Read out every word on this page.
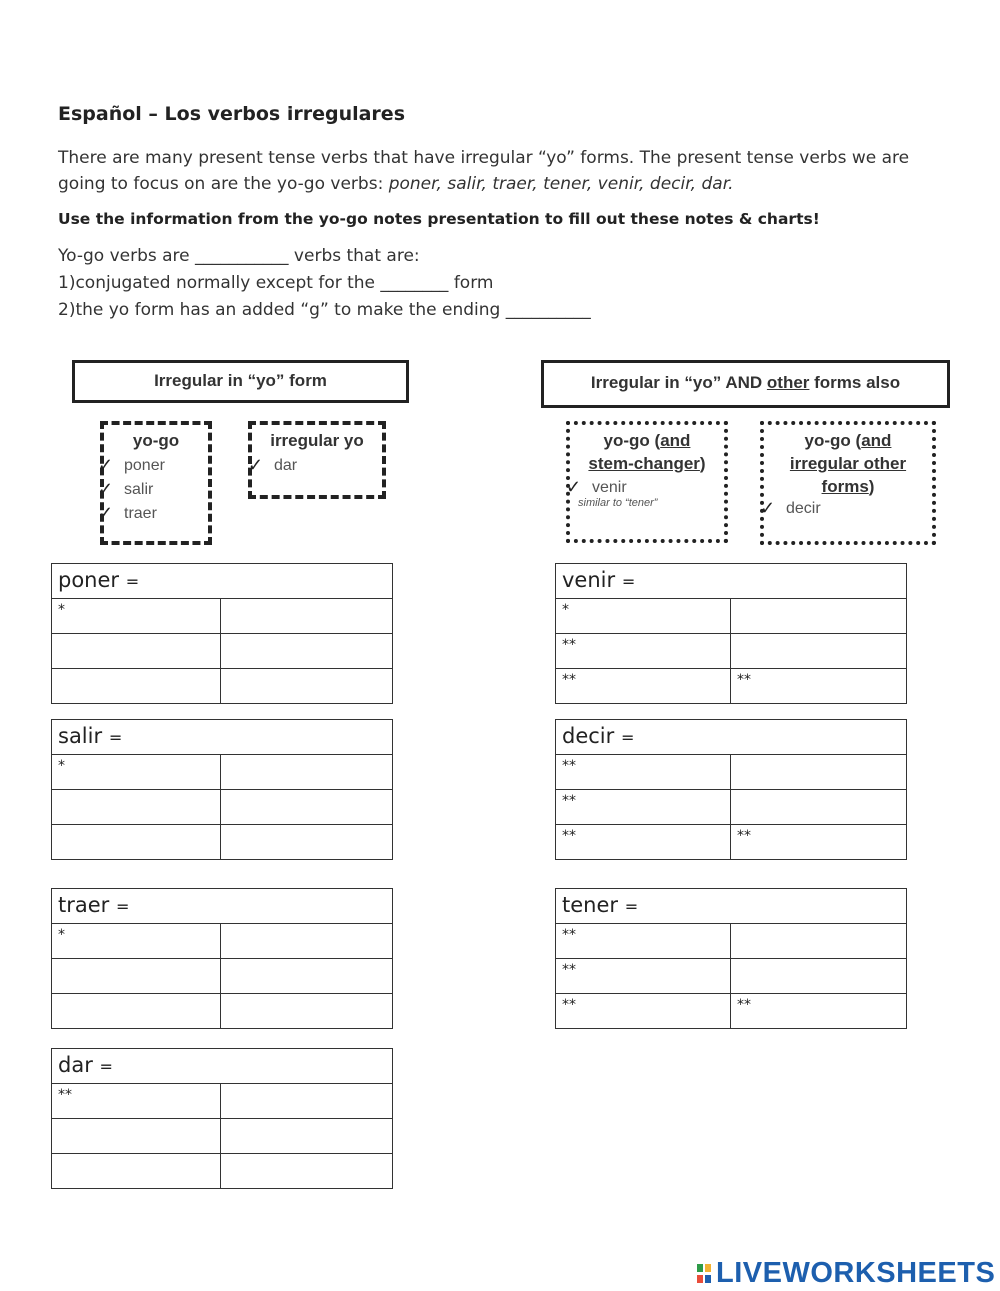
Español – Los verbos irregulares
There are many present tense verbs that have irregular “yo” forms. The present tense verbs we are going to focus on are the yo-go verbs: poner, salir, traer, tener, venir, decir, dar.
Use the information from the yo-go notes presentation to fill out these notes & charts!
Yo-go verbs are ___________ verbs that are:
1)conjugated normally except for the ________ form
2)the yo form has an added “g” to make the ending __________
Irregular in “yo” form	Irregular in “yo” AND other forms also
yo-go
✓ poner
✓ salir
✓ traer
irregular yo
✓ dar
yo-go (and
stem-changer)
✓ venir
similar to “tener”
yo-go (and
irregular other
forms)
✓ decir
poner =	
*	

salir =	
*	

traer =	
*	

dar =	
**	

venir =	
*	
**	
**	**
decir =	
**	
**	
**	**
tener =	
**	
**	
**	**
LIVEWORKSHEETS
